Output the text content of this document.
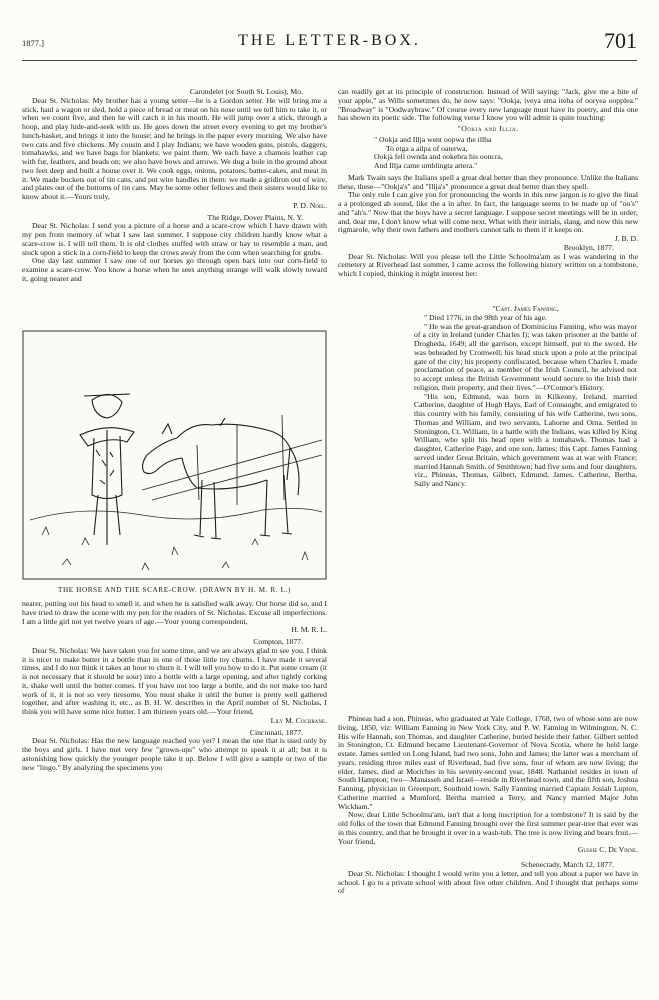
1877.]	THE LETTER-BOX.	701
Carondelet (or South St. Louis), Mo.

Dear St. Nicholas: My brother has a young setter—he is a Gordon setter. He will bring me a stick, haul a wagon or sled, hold a piece of bread or meat on his nose until we tell him to take it, or when we count five, and then he will catch it in his mouth. He will jump over a stick, through a hoop, and play hide-and-seek with us. He goes down the street every evening to get my brother's lunch-basket, and brings it into the house; and he brings in the paper every morning. We also have two cats and five chickens. My cousin and I play Indians; we have wooden guns, pistols, daggers, tomahawks, and we have bags for blankets; we paint them. We each have a chamois leather cap with fur, feathers, and beads on; we also have bows and arrows. We dug a hole in the ground about two feet deep and built a house over it. We cook eggs, onions, potatoes, batter-cakes, and meat in it. We made buckets out of tin cans, and put wire handles in them: we made a gridiron out of wire, and plates out of the bottoms of tin cans. May be some other fellows and their sisters would like to know about it.—Yours truly,

P. D. Noel.
The Ridge, Dover Plains, N. Y.

Dear St. Nicholas: I send you a picture of a horse and a scare-crow which I have drawn with my pen from memory of what I saw last summer. I suppose city children hardly know what a scare-crow is. I will tell them. It is old clothes stuffed with straw or hay to resemble a man, and stuck upon a stick in a corn-field to keep the crows away from the corn when searching for grubs.

One day last summer I saw one of our horses go through open bars into our corn-field to examine a scare-crow. You know a horse when he sees anything strange will walk slowly toward it, going nearer and

THE HORSE AND THE SCARE-CROW. (DRAWN BY H. M. R. L.)

nearer, putting out his head to smell it, and when he is satisfied walk away. Our horse did so, and I have tried to draw the scene with my pen for the readers of St. Nicholas. Excuse all imperfections. I am a little girl not yet twelve years of age.—Your young correspondent,

H. M. R. L.
Compton, 1877.

Dear St. Nicholas: We have taken you for some time, and we are always glad to see you. I think it is nicer to make butter in a bottle than in one of those little toy churns. I have made it several times, and I do not think it takes an hour to churn it. I will tell you how to do it. Put some cream (it is not necessary that it should be sour) into a bottle with a large opening, and after tightly corking it, shake well until the butter comes. If you have not too large a bottle, and do not make too hard work of it, it is not so very tiresome. You must shake it until the butter is pretty well gathered together, and after washing it, etc., as B. H. W. describes in the April number of St. Nicholas, I think you will have some nice butter. I am thirteen years old.—Your friend,

Lily M. Cochrane.
Cincinnati, 1877.

Dear St. Nicholas: Has the new language reached you yet? I mean the one that is used only by the boys and girls. I have met very few "grown-ups" who attempt to speak it at all; but it is astonishing how quickly the younger people take it up. Below I will give a sample or two of the new "lingo." By analyzing the specimens you

can readily get at its principle of construction. Instead of Will saying: "Jack, give me a bite of your apple," as Wills sometimes do, he now says: "Ookja, iveya ema iteba of ooryea oopplea." "Broadway" is "Oodwaybraw." Of course every new language must have its poetry, and this one has shown its poetic side. The following verse I know you will admit is quite touching:

"Ookja and Illja.
" Ookja and Illja went oopwa the illha
To etga a ailpa of oaterwa,
Ookja fell ownda and ookebra his ooncra,
And Illja came umblingta artera."

Mark Twain says the Italians spell a great deal better than they pronounce. Unlike the Italians these, these—"Ookja's" and "Illja's" pronounce a great deal better than they spell.

The only rule I can give you for pronouncing the words in this new jargon is to give the final a a prolonged ah sound, like the a in after. In fact, the language seems to be made up of "oo's" and "ah's." Now that the boys have a secret language. I suppose secret meetings will be in order; and, dear me, I don't know what will come next. What with their initials, slang, and now this new rigmarole, why their own fathers and mothers cannot talk to them if it keeps on.

J. B. D.
Brooklyn, 1877.

Dear St. Nicholas: Will you please tell the Little Schoolma'am as I was wandering in the cemetery at Riverhead last summer, I came across the following history written on a tombstone, which I copied, thinking it might interest her:

"Capt. James Fanning,

" Died 1776, in the 98th year of his age.

" He was the great-grandson of Dominicius Fanning, who was mayor of a city in Ireland (under Charles I); was taken prisoner at the battle of Drogheda, 1649; all the garrison, except himself, put to the sword. He was beheaded by Cromwell; his head stuck upon a pole at the principal gate of the city; his property confiscated, because when Charles I. made proclamation of peace, as member of the Irish Council, he advised not to accept unless the British Government would secure to the Irish their religion, their property, and their lives."—O'Connor's History.

"His son, Edmund, was born in Kilkenny, Ireland, married Catherine, daughter of Hugh Hays, Earl of Connaught, and emigrated to this country with his family, consisting of his wife Catherine, two sons, Thomas and William, and two servants, Lahorne and Orna. Settled in Stonington, Ct. William, in a battle with the Indians, was killed by King William, who split his head open with a tomahawk. Thomas had a daughter, Catherine Page, and one son, James; this Capt. James Fanning served under Great Britain, which government was at war with France; married Hannah Smith, of Smithtown; had five sons and four daughters, viz., Phineas, Thomas, Gilbert, Edmund, James, Catherine, Bertha, Sally and Nancy.

Phineas had a son, Phineas, who graduated at Yale College, 1768, two of whose sons are now living, 1850, viz: William Fanning in New York City, and P. W. Fanning in Wilmington, N. C. His wife Hannah, son Thomas, and daughter Catherine, buried beside their father. Gilbert settled in Stonington, Ct. Edmund became Lieutenant-Governor of Nova Scotia, where he held large estate. James settled on Long Island, had two sons, John and James; the latter was a merchant of years, residing three miles east of Riverhead, had five sons, four of whom are now living; the elder, James, died at Moriches in his seventy-second year, 1848. Nathaniel resides in town of South Hampton; two—Manasseh and Israel—reside in Riverhead town, and the fifth son, Joshua Fanning, physician in Greenport, Southold town. Sally Fanning married Captain Josiah Lupton, Catherine married a Mumford, Bertha married a Terry, and Nancy married Major John Wickham."

Now, dear Little Schoolma'am, isn't that a long inscription for a tombstone? It is said by the old folks of the town that Edmund Fanning brought over the first summer pear-tree that ever was in this country, and that he brought it over in a wash-tub. The tree is now living and bears fruit.—Your friend,

Gussie C. De Vinne.
Schenectady, March 12, 1877.

Dear St. Nicholas: I thought I would write you a letter, and tell you about a paper we have in school. I go to a private school with about five other children. And I thought that perhaps some of
